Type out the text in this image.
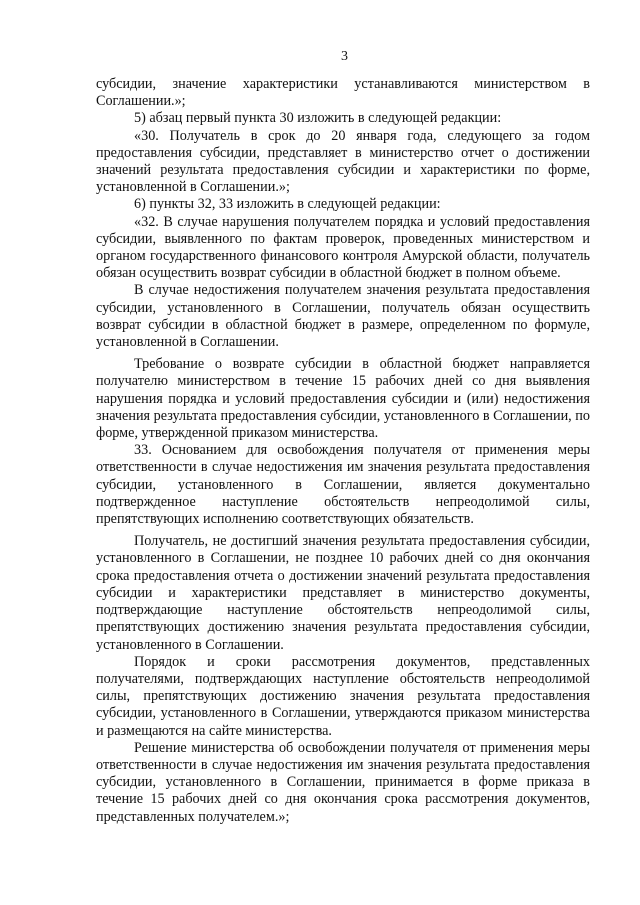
3

субсидии, значение характеристики устанавливаются министерством в Соглашении.»;

5) абзац первый пункта 30 изложить в следующей редакции:

«30. Получатель в срок до 20 января года, следующего за годом предоставления субсидии, представляет в министерство отчет о достижении значений результата предоставления субсидии и характеристики по форме, установленной в Соглашении.»;

6) пункты 32, 33 изложить в следующей редакции:

«32. В случае нарушения получателем порядка и условий предоставления субсидии, выявленного по фактам проверок, проведенных министерством и органом государственного финансового контроля Амурской области, получатель обязан осуществить возврат субсидии в областной бюджет в полном объеме.

В случае недостижения получателем значения результата предоставления субсидии, установленного в Соглашении, получатель обязан осуществить возврат субсидии в областной бюджет в размере, определенном по формуле, установленной в Соглашении.

Требование о возврате субсидии в областной бюджет направляется получателю министерством в течение 15 рабочих дней со дня выявления нарушения порядка и условий предоставления субсидии и (или) недостижения значения результата предоставления субсидии, установленного в Соглашении, по форме, утвержденной приказом министерства.

33. Основанием для освобождения получателя от применения меры ответственности в случае недостижения им значения результата предоставления субсидии, установленного в Соглашении, является документально подтвержденное наступление обстоятельств непреодолимой силы, препятствующих исполнению соответствующих обязательств.

Получатель, не достигший значения результата предоставления субсидии, установленного в Соглашении, не позднее 10 рабочих дней со дня окончания срока предоставления отчета о достижении значений результата предоставления субсидии и характеристики представляет в министерство документы, подтверждающие наступление обстоятельств непреодолимой силы, препятствующих достижению значения результата предоставления субсидии, установленного в Соглашении.

Порядок и сроки рассмотрения документов, представленных получателями, подтверждающих наступление обстоятельств непреодолимой силы, препятствующих достижению значения результата предоставления субсидии, установленного в Соглашении, утверждаются приказом министерства и размещаются на сайте министерства.

Решение министерства об освобождении получателя от применения меры ответственности в случае недостижения им значения результата предоставления субсидии, установленного в Соглашении, принимается в форме приказа в течение 15 рабочих дней со дня окончания срока рассмотрения документов, представленных получателем.»;
